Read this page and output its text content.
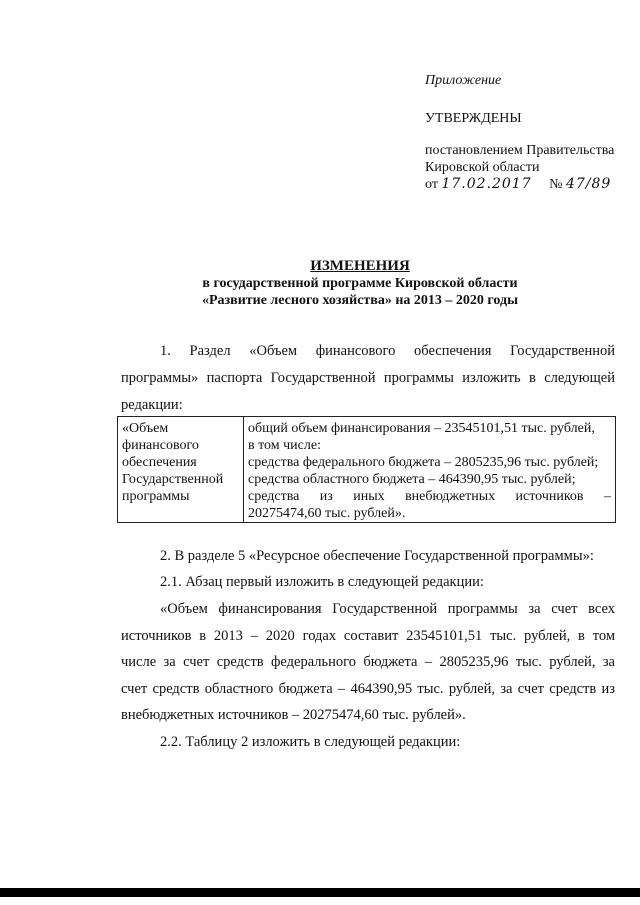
Приложение
УТВЕРЖДЕНЫ
постановлением Правительства
Кировской области
от 17.02.2017 № 47/89
ИЗМЕНЕНИЯ
в государственной программе Кировской области
«Развитие лесного хозяйства» на 2013 – 2020 годы
1. Раздел «Объем финансового обеспечения Государственной
программы» паспорта Государственной программы изложить в следующей
редакции:
«Объем
финансового
обеспечения
Государственной
программы
общий объем финансирования – 23545101,51 тыс. рублей,
в том числе:
средства федерального бюджета – 2805235,96 тыс. рублей;
средства областного бюджета – 464390,95 тыс. рублей;
средства из иных внебюджетных источников –
20275474,60 тыс. рублей».
2. В разделе 5 «Ресурсное обеспечение Государственной программы»:
2.1. Абзац первый изложить в следующей редакции:
«Объем финансирования Государственной программы за счет всех
источников в 2013 – 2020 годах составит 23545101,51 тыс. рублей, в том
числе за счет средств федерального бюджета – 2805235,96 тыс. рублей, за
счет средств областного бюджета – 464390,95 тыс. рублей, за счет средств из
внебюджетных источников – 20275474,60 тыс. рублей».
2.2. Таблицу 2 изложить в следующей редакции:
